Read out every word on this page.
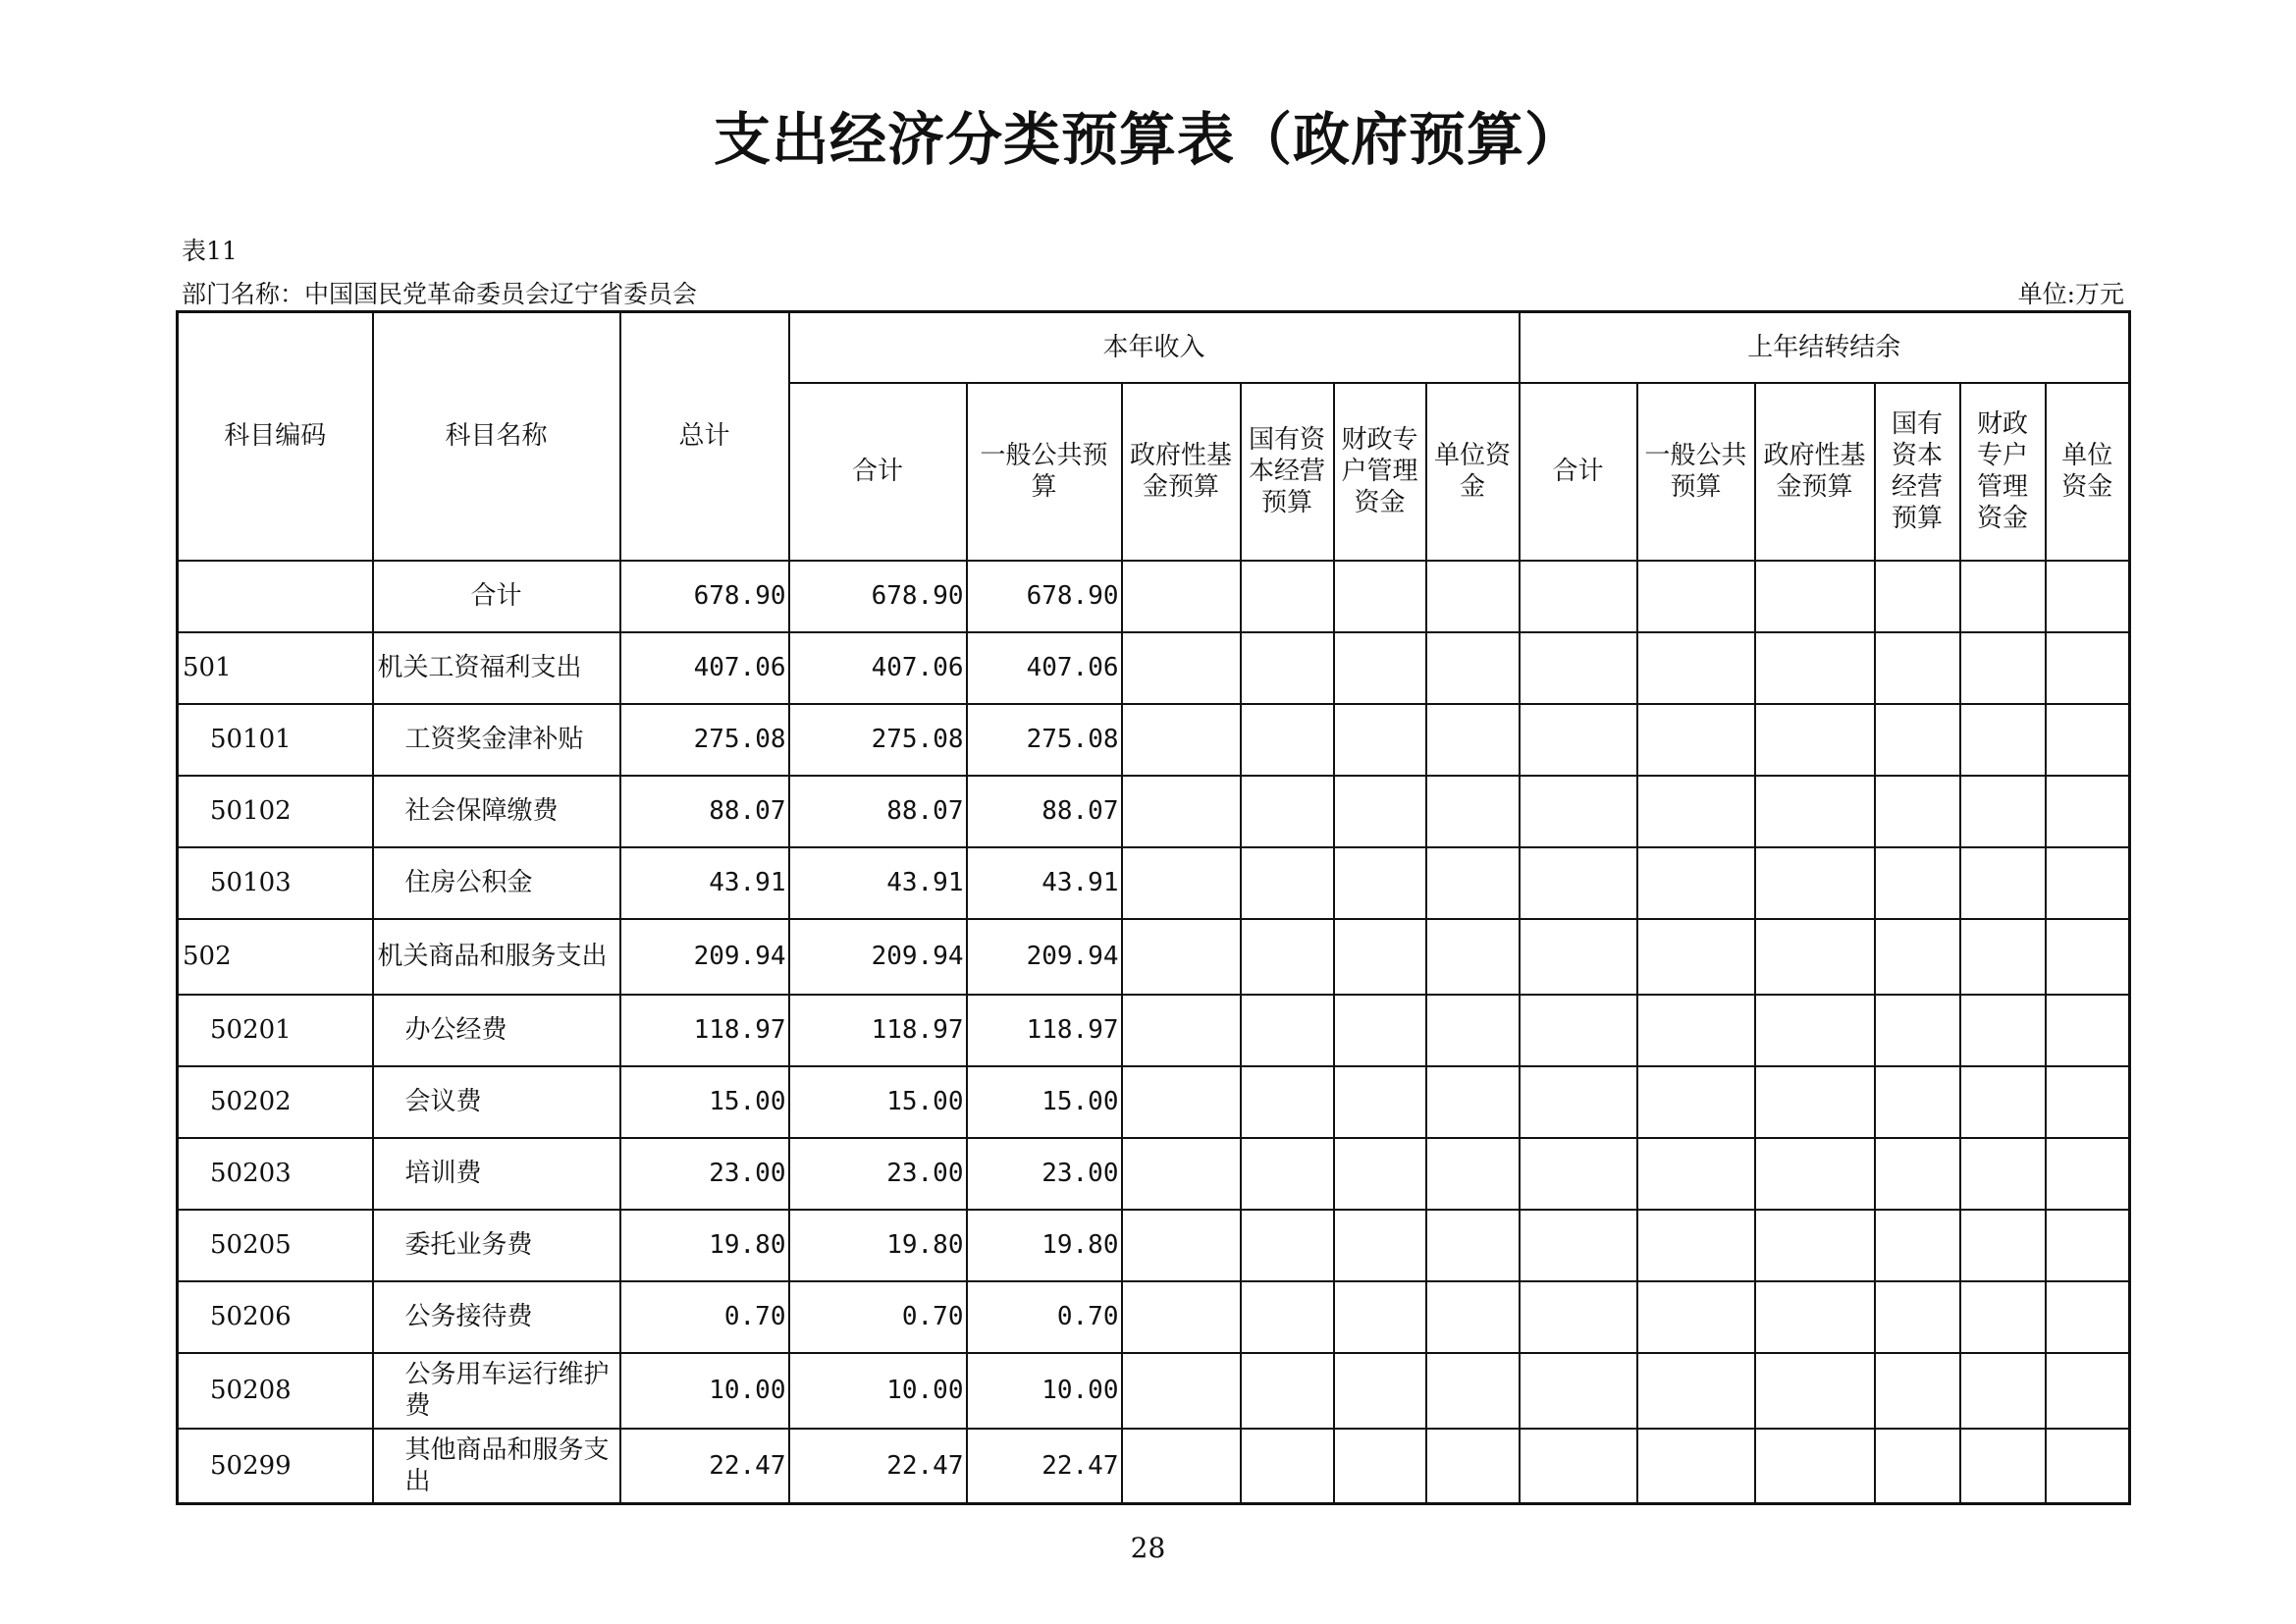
支出经济分类预算表（政府预算）
表11
部门名称：中国国民党革命委员会辽宁省委员会	单位:万元
科目编码	科目名称	总计	本年收入						上年结转结余					
			合计	一般公共预算	政府性基金预算	国有资本经营预算	财政专户管理资金	单位资金	合计	一般公共预算	政府性基金预算	国有资本经营预算	财政专户管理资金	单位资金
	合计	678.90	678.90	678.90										
501	机关工资福利支出	407.06	407.06	407.06										
50101	工资奖金津补贴	275.08	275.08	275.08										
50102	社会保障缴费	88.07	88.07	88.07										
50103	住房公积金	43.91	43.91	43.91										
502	机关商品和服务支出	209.94	209.94	209.94										
50201	办公经费	118.97	118.97	118.97										
50202	会议费	15.00	15.00	15.00										
50203	培训费	23.00	23.00	23.00										
50205	委托业务费	19.80	19.80	19.80										
50206	公务接待费	0.70	0.70	0.70										
50208	公务用车运行维护费	10.00	10.00	10.00										
50299	其他商品和服务支出	22.47	22.47	22.47										
28
